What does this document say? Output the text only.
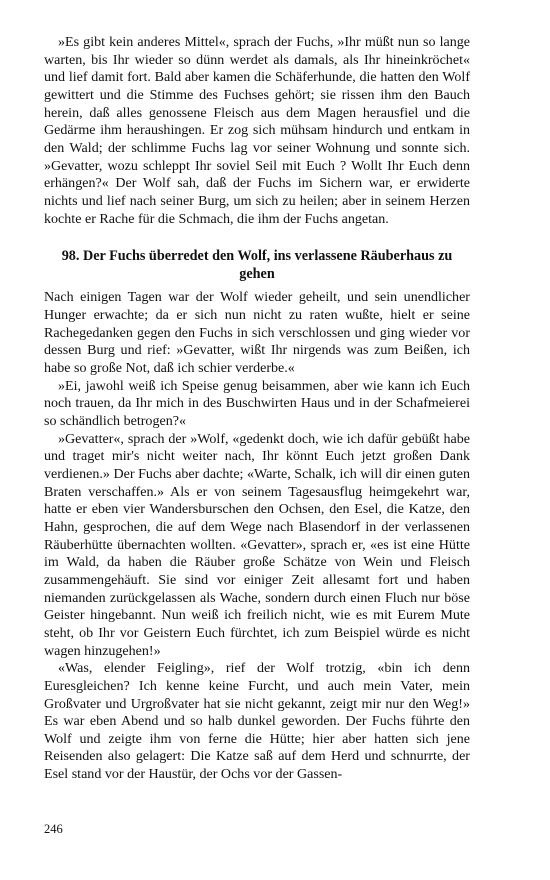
»Es gibt kein anderes Mittel«, sprach der Fuchs, »Ihr müßt nun so lange warten, bis Ihr wieder so dünn werdet als damals, als Ihr hineinkröchet« und lief damit fort. Bald aber kamen die Schäferhunde, die hatten den Wolf gewittert und die Stimme des Fuchses gehört; sie rissen ihm den Bauch herein, daß alles genossene Fleisch aus dem Magen herausfiel und die Gedärme ihm heraushingen. Er zog sich mühsam hindurch und entkam in den Wald; der schlimme Fuchs lag vor seiner Wohnung und sonnte sich. »Gevatter, wozu schleppt Ihr soviel Seil mit Euch ? Wollt Ihr Euch denn erhängen?« Der Wolf sah, daß der Fuchs im Sichern war, er erwiderte nichts und lief nach seiner Burg, um sich zu heilen; aber in seinem Herzen kochte er Rache für die Schmach, die ihm der Fuchs angetan.

98. Der Fuchs überredet den Wolf, ins verlassene Räuberhaus zu gehen

Nach einigen Tagen war der Wolf wieder geheilt, und sein unendlicher Hunger erwachte; da er sich nun nicht zu raten wußte, hielt er seine Rachegedanken gegen den Fuchs in sich verschlossen und ging wieder vor dessen Burg und rief: »Gevatter, wißt Ihr nirgends was zum Beißen, ich habe so große Not, daß ich schier verderbe.«

»Ei, jawohl weiß ich Speise genug beisammen, aber wie kann ich Euch noch trauen, da Ihr mich in des Buschwirten Haus und in der Schafmeierei so schändlich betrogen?«

»Gevatter«, sprach der »Wolf, «gedenkt doch, wie ich dafür gebüßt habe und traget mir's nicht weiter nach, Ihr könnt Euch jetzt großen Dank verdienen.» Der Fuchs aber dachte; «Warte, Schalk, ich will dir einen guten Braten verschaffen.» Als er von seinem Tagesausflug heimgekehrt war, hatte er eben vier Wandersburschen den Ochsen, den Esel, die Katze, den Hahn, gesprochen, die auf dem Wege nach Blasendorf in der verlassenen Räuberhütte übernachten wollten. «Gevatter», sprach er, «es ist eine Hütte im Wald, da haben die Räuber große Schätze von Wein und Fleisch zusammengehäuft. Sie sind vor einiger Zeit allesamt fort und haben niemanden zurückgelassen als Wache, sondern durch einen Fluch nur böse Geister hingebannt. Nun weiß ich freilich nicht, wie es mit Eurem Mute steht, ob Ihr vor Geistern Euch fürchtet, ich zum Beispiel würde es nicht wagen hinzugehen!»

«Was, elender Feigling», rief der Wolf trotzig, «bin ich denn Euresgleichen? Ich kenne keine Furcht, und auch mein Vater, mein Großvater und Urgroßvater hat sie nicht gekannt, zeigt mir nur den Weg!» Es war eben Abend und so halb dunkel geworden. Der Fuchs führte den Wolf und zeigte ihm von ferne die Hütte; hier aber hatten sich jene Reisenden also gelagert: Die Katze saß auf dem Herd und schnurrte, der Esel stand vor der Haustür, der Ochs vor der Gassen-

246
